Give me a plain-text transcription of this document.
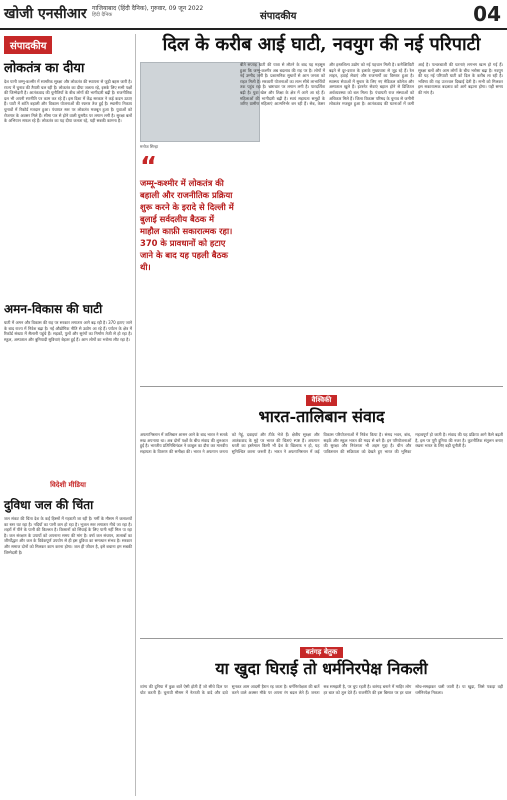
खोजी एनसीआर गाजियाबाद (हिंदी दैनिक), गुरुवार, 09 जून 2022
हिंदी दैनिक	संपादकीय	04
संपादकीय
लोकतंत्र का दीया
देश यानी जम्मू-कश्मीर में सामरिक सुरक्षा और लोकतंत्र की स्थापना से जुड़ी बहस जारी है। राज्य में चुनाव की तैयारी चल रही है। लोकतंत्र का दीया जलता रहे, इसके लिए सभी पक्षों की जिम्मेदारी है। आतंकवाद की चुनौतियों के बीच लोगों की भागीदारी बढ़ी है। राजनीतिक दल भी अपनी रणनीति पर काम कर रहे हैं। इस दिशा में केंद्र सरकार ने कई कदम उठाए हैं। घाटी में शांति बहाली और विकास योजनाओं की रफ्तार तेज हुई है। स्थानीय निकाय चुनावों में रिकॉर्ड मतदान हुआ। पंचायत स्तर पर लोकतंत्र मजबूत हुआ है। युवाओं को रोजगार के अवसर मिले हैं। सीमा पार से होने वाली घुसपैठ पर लगाम लगी है। सुरक्षा बलों के अभियान सफल रहे हैं। लोकतंत्र का यह दीया जलता रहे, यही सबकी कामना है।
अमन-विकास की घाटी
घाटी में अमन और विकास की राह पर सरकार लगातार आगे बढ़ रही है। 370 हटाए जाने के बाद राज्य में निवेश बढ़ा है। नई औद्योगिक नीति से उद्योग आ रहे हैं। पर्यटन के क्षेत्र में रिकॉर्ड संख्या में सैलानी पहुंचे हैं। सड़कों, पुलों और सुरंगों का निर्माण तेजी से हो रहा है। स्कूल, अस्पताल और बुनियादी सुविधाएं बेहतर हुई हैं। आम लोगों का भरोसा लौट रहा है।
विदेशी मीडिया
दुविधा जल की चिंता
जल संकट की चिंता देश के कई हिस्सों में गहराती जा रही है। गर्मी के मौसम में जलाशयों का स्तर घट रहा है। नदियों का पानी कम हो रहा है। भूजल स्तर लगातार नीचे जा रहा है। शहरों में पीने के पानी की किल्लत है। किसानों को सिंचाई के लिए पानी नहीं मिल पा रहा है। जल संरक्षण के उपायों को अपनाना समय की मांग है। वर्षा जल संचयन, तालाबों का जीर्णोद्धार और जल के विवेकपूर्ण उपयोग से ही इस दुविधा का समाधान संभव है। सरकार और समाज दोनों को मिलकर काम करना होगा। जल ही जीवन है, इसे बचाना हम सबकी जिम्मेदारी है।
दिल के करीब आई घाटी, नवयुग की नई परिपाटी
मनोज सिन्हा
“
जम्मू-कश्मीर में लोकतंत्र की बहाली और राजनीतिक प्रक्रिया शुरू करने के इरादे से दिल्ली में बुलाई सर्वदलीय बैठक में माहौल काफ़ी सकारात्मक रहा। 370 के प्रावधानों को हटाए जाने के बाद यह पहली बैठक थी।
बीते सप्ताह घाटी की यात्रा से लौटने के बाद यह महसूस हुआ कि जम्मू-कश्मीर अब बदलाव की राह पर है। लोगों में नई उम्मीद जगी है। प्रशासनिक सुधारों से आम जनता को राहत मिली है। सरकारी योजनाओं का लाभ सीधे लाभार्थियों तक पहुंच रहा है। भ्रष्टाचार पर लगाम लगी है। पारदर्शिता बढ़ी है। युवा खेल और शिक्षा के क्षेत्र में आगे आ रहे हैं। महिलाओं की भागीदारी बढ़ी है। स्वयं सहायता समूहों के जरिए ग्रामीण महिलाएं आत्मनिर्भर बन रही हैं। सेब, केसर और हस्तशिल्प उद्योग को नई पहचान मिली है। कनेक्टिविटी बढ़ने से दूर-दराज के इलाके मुख्यधारा से जुड़ रहे हैं। रेल लाइन, हवाई सेवाएं और राजमार्गों का विस्तार हुआ है। स्वास्थ्य सेवाओं में सुधार के लिए नए मेडिकल कॉलेज और अस्पताल खुले हैं। इंटरनेट सेवाएं बहाल होने से डिजिटल अर्थव्यवस्था को बल मिला है। पंचायती राज संस्थाओं को अधिकार मिले हैं। जिला विकास परिषद के चुनाव से जमीनी लोकतंत्र मजबूत हुआ है। आतंकवाद की घटनाओं में कमी आई है। पत्थरबाजी की घटनाएं लगभग खत्म हो गई हैं। सुरक्षा बलों और आम लोगों के बीच भरोसा बढ़ा है। नवयुग की यह नई परिपाटी घाटी को दिल के करीब ला रही है। भविष्य की राह उज्ज्वल दिखाई देती है। सभी को मिलकर इस सकारात्मक बदलाव को आगे बढ़ाना होगा। यही समय की मांग है।
वैश्विकी
भारत-तालिबान संवाद
अफगानिस्तान में तालिबान शासन आने के बाद भारत ने सतर्क रुख अपनाया था। अब दोनों पक्षों के बीच संवाद की शुरुआत हुई है। भारतीय प्रतिनिधिमंडल ने काबुल का दौरा कर मानवीय सहायता के वितरण की समीक्षा की। भारत ने अफगान जनता को गेहूं, दवाइयां और टीके भेजे हैं। क्षेत्रीय सुरक्षा और आतंकवाद के मुद्दे पर भारत की चिंताएं स्पष्ट हैं। अफगान धरती का इस्तेमाल किसी भी देश के खिलाफ न हो, यह सुनिश्चित करना जरूरी है। भारत ने अफगानिस्तान में कई विकास परियोजनाओं में निवेश किया है। संसद भवन, बांध, सड़कें और स्कूल भारत की मदद से बने हैं। इन परियोजनाओं की सुरक्षा और निरंतरता भी अहम मुद्दा है। चीन और पाकिस्तान की सक्रियता को देखते हुए भारत की भूमिका महत्वपूर्ण हो जाती है। संवाद की यह प्रक्रिया आगे कैसे बढ़ती है, इस पर पूरी दुनिया की नजर है। कूटनीतिक संतुलन बनाए रखना भारत के लिए बड़ी चुनौती है।
बतंगड़ बेतुक
या खुदा घिराई तो धर्मनिरपेक्ष निकली
व्यंग्य की दुनिया में कुछ बातें ऐसी होती हैं जो सीधे दिल पर चोट करती हैं। चुनावी मौसम में नेताजी के वादे और दावे सुनकर आम आदमी हैरान रह जाता है। धर्मनिरपेक्षता की बातें करने वाले अक्सर मौके पर अपना रंग बदल लेते हैं। जनता सब समझती है, पर चुप रहती है। बतंगड़ बनाने में माहिर लोग हर बात को तूल देते हैं। राजनीति की इस बिसात पर हर चाल सोच-समझकर चली जाती है। या खुदा, जिसे पकड़ा वही धर्मनिरपेक्ष निकला।
